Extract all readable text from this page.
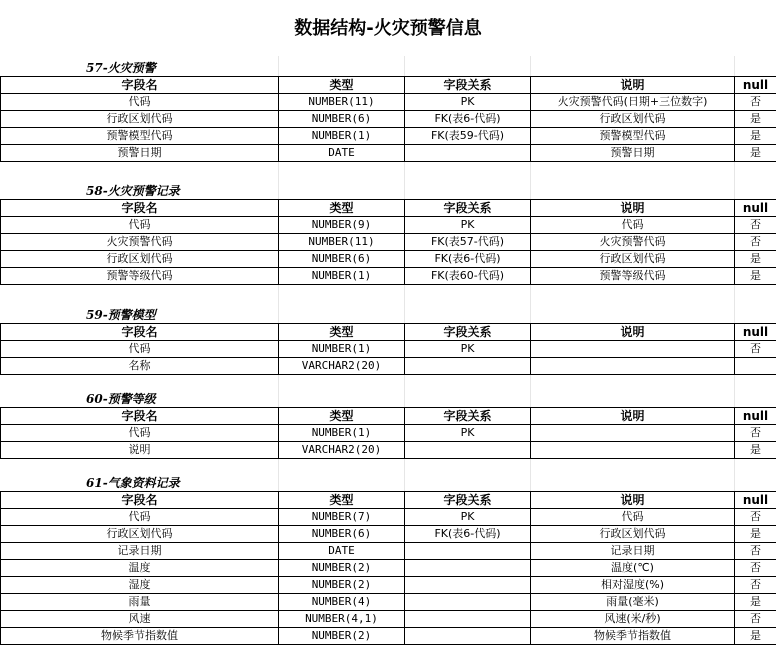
数据结构-火灾预警信息
57-火灾预警
字段名	类型	字段关系	说明	null
代码	NUMBER(11)	PK	火灾预警代码(日期+三位数字)	否
行政区划代码	NUMBER(6)	FK(表6-代码)	行政区划代码	是
预警模型代码	NUMBER(1)	FK(表59-代码)	预警模型代码	是
预警日期	DATE		预警日期	是
58-火灾预警记录
字段名	类型	字段关系	说明	null
代码	NUMBER(9)	PK	代码	否
火灾预警代码	NUMBER(11)	FK(表57-代码)	火灾预警代码	否
行政区划代码	NUMBER(6)	FK(表6-代码)	行政区划代码	是
预警等级代码	NUMBER(1)	FK(表60-代码)	预警等级代码	是
59-预警模型
字段名	类型	字段关系	说明	null
代码	NUMBER(1)	PK		否
名称	VARCHAR2(20)			
60-预警等级
字段名	类型	字段关系	说明	null
代码	NUMBER(1)	PK		否
说明	VARCHAR2(20)			是
61-气象资料记录
字段名	类型	字段关系	说明	null
代码	NUMBER(7)	PK	代码	否
行政区划代码	NUMBER(6)	FK(表6-代码)	行政区划代码	是
记录日期	DATE		记录日期	否
温度	NUMBER(2)		温度(℃)	否
湿度	NUMBER(2)		相对湿度(%)	否
雨量	NUMBER(4)		雨量(毫米)	是
风速	NUMBER(4,1)		风速(米/秒)	否
物候季节指数值	NUMBER(2)		物候季节指数值	是
